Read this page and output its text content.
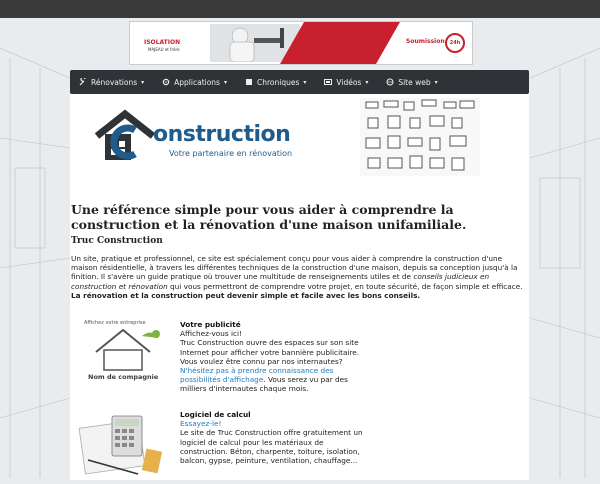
ISOLATION
MAJEAU et frère
Soumission	24h
Rénovations ▾	Applications ▾	Chroniques ▾	Vidéos ▾	Site web ▾
onstruction
Votre partenaire en rénovation
Une référence simple pour vous aider à comprendre la construction et la rénovation d'une maison unifamiliale.
Truc Construction
Un site, pratique et professionnel, ce site est spécialement conçu pour vous aider à comprendre la construction d'une maison résidentielle, à travers les différentes techniques de la construction d'une maison, depuis sa conception jusqu'à la finition. Il s'avère un guide pratique où trouver une multitude de renseignements utiles et de conseils judicieux en construction et rénovation qui vous permettront de comprendre votre projet, en toute sécurité, de façon simple et efficace. La rénovation et la construction peut devenir simple et facile avec les bons conseils.
Affichez votre entreprise
Nom de compagnie
Votre publicité
Affichez-vous ici!
Truc Construction ouvre des espaces sur son site Internet pour afficher votre bannière publicitaire. Vous voulez être connu par nos internautes? N'hésitez pas à prendre connaissance des possibilités d'affichage. Vous serez vu par des milliers d'internautes chaque mois.
Logiciel de calcul
Essayez-le!
Le site de Truc Construction offre gratuitement un logiciel de calcul pour les matériaux de construction. Béton, charpente, toiture, isolation, balcon, gypse, peinture, ventilation, chauffage...
